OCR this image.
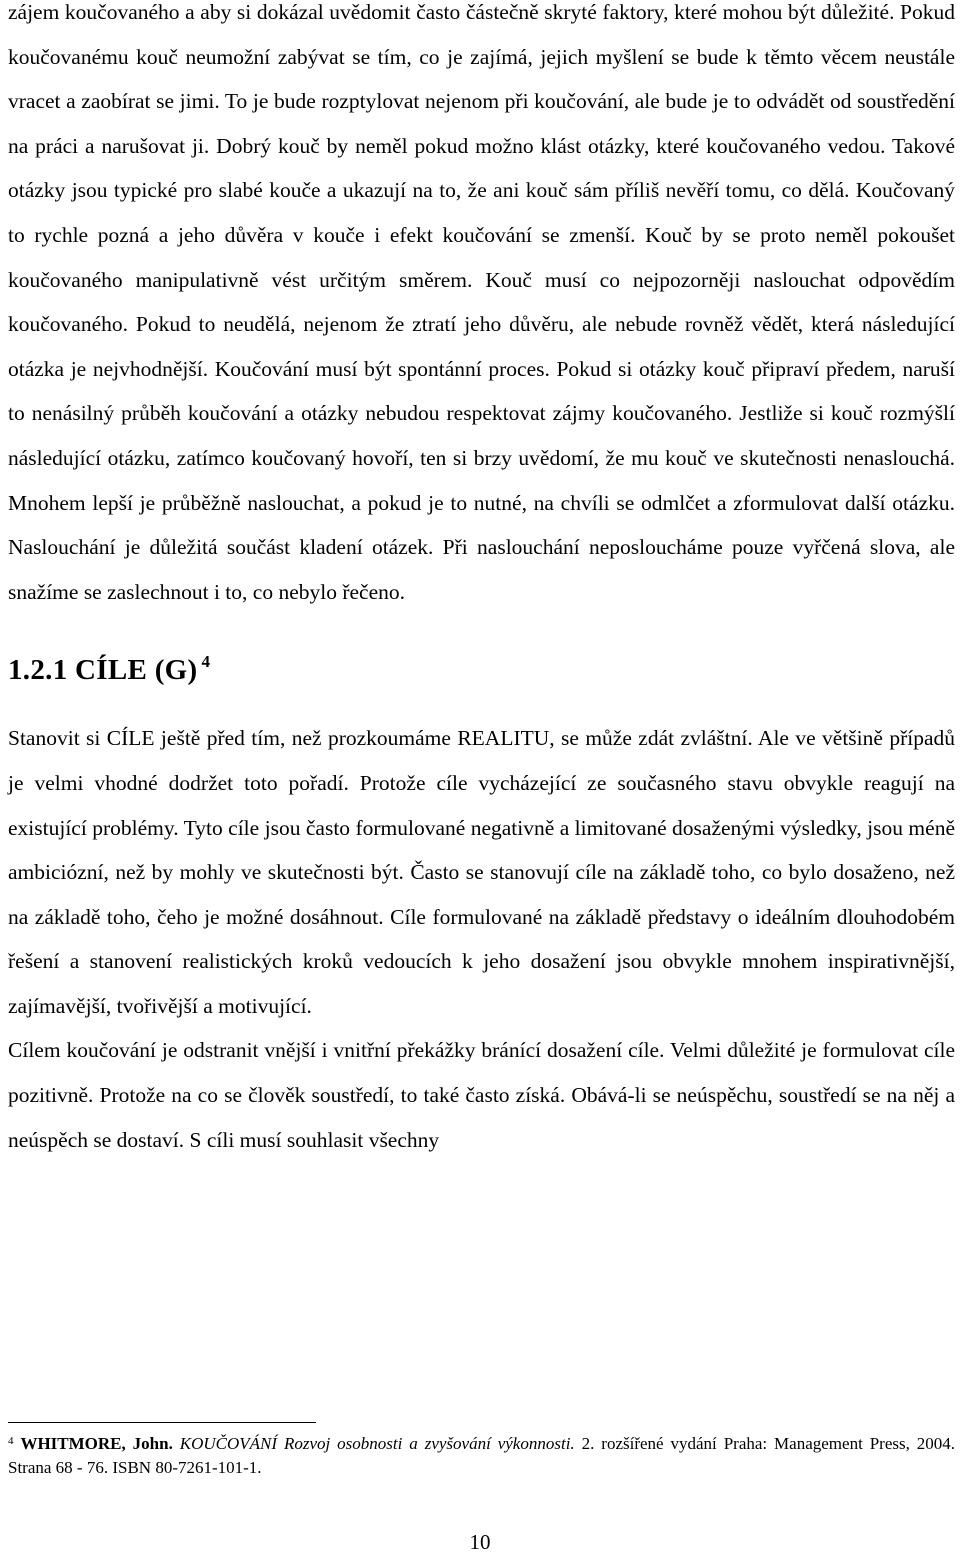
zájem koučovaného a aby si dokázal uvědomit často částečně skryté faktory, které mohou být důležité. Pokud koučovanému kouč neumožní zabývat se tím, co je zajímá, jejich myšlení se bude k těmto věcem neustále vracet a zaobírat se jimi. To je bude rozptylovat nejenom při koučování, ale bude je to odvádět od soustředění na práci a narušovat ji. Dobrý kouč by neměl pokud možno klást otázky, které koučovaného vedou. Takové otázky jsou typické pro slabé kouče a ukazují na to, že ani kouč sám příliš nevěří tomu, co dělá. Koučovaný to rychle pozná a jeho důvěra v kouče i efekt koučování se zmenší. Kouč by se proto neměl pokoušet koučovaného manipulativně vést určitým směrem. Kouč musí co nejpozorněji naslouchat odpovědím koučovaného. Pokud to neudělá, nejenom že ztratí jeho důvěru, ale nebude rovněž vědět, která následující otázka je nejvhodnější. Koučování musí být spontánní proces. Pokud si otázky kouč připraví předem, naruší to nenásilný průběh koučování a otázky nebudou respektovat zájmy koučovaného. Jestliže si kouč rozmýšlí následující otázku, zatímco koučovaný hovoří, ten si brzy uvědomí, že mu kouč ve skutečnosti nenaslouchá. Mnohem lepší je průběžně naslouchat, a pokud je to nutné, na chvíli se odmlčet a zformulovat další otázku. Naslouchání je důležitá součást kladení otázek. Při naslouchání neposloucháme pouze vyřčená slova, ale snažíme se zaslechnout i to, co nebylo řečeno.

1.2.1 CÍLE (G) $^4$

Stanovit si CÍLE ještě před tím, než prozkoumáme REALITU, se může zdát zvláštní. Ale ve většině případů je velmi vhodné dodržet toto pořadí. Protože cíle vycházející ze současného stavu obvykle reagují na existující problémy. Tyto cíle jsou často formulované negativně a limitované dosaženými výsledky, jsou méně ambiciózní, než by mohly ve skutečnosti být. Často se stanovují cíle na základě toho, co bylo dosaženo, než na základě toho, čeho je možné dosáhnout. Cíle formulované na základě představy o ideálním dlouhodobém řešení a stanovení realistických kroků vedoucích k jeho dosažení jsou obvykle mnohem inspirativnější, zajímavější, tvořivější a motivující.

Cílem koučování je odstranit vnější i vnitřní překážky bránící dosažení cíle. Velmi důležité je formulovat cíle pozitivně. Protože na co se člověk soustředí, to také často získá. Obává-li se neúspěchu, soustředí se na něj a neúspěch se dostaví. S cíli musí souhlasit všechny

$^4$ WHITMORE, John. KOUČOVÁNÍ Rozvoj osobnosti a zvyšování výkonnosti. 2. rozšířené vydání Praha: Management Press, 2004. Strana 68 - 76. ISBN 80-7261-101-1.
10
